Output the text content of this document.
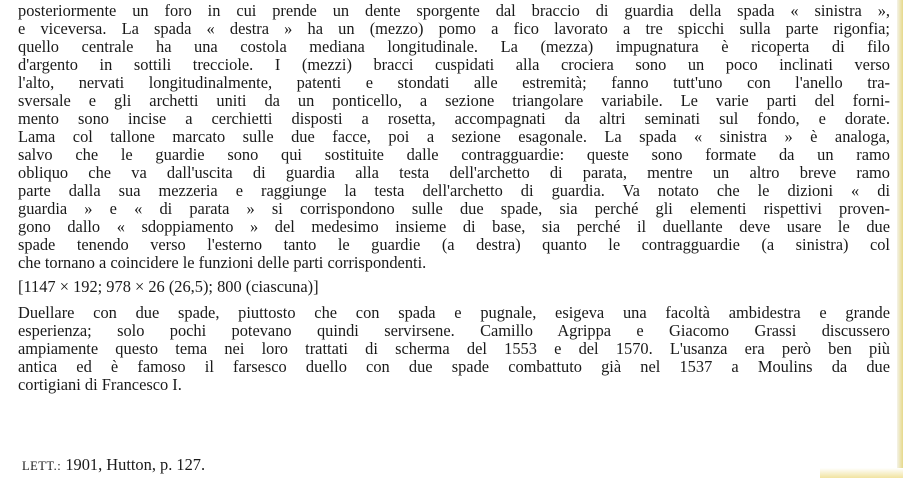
posteriormente un foro in cui prende un dente sporgente dal braccio di guardia della spada « sinistra »,
e viceversa. La spada « destra » ha un (mezzo) pomo a fico lavorato a tre spicchi sulla parte rigonfia;
quello centrale ha una costola mediana longitudinale. La (mezza) impugnatura è ricoperta di filo
d'argento in sottili trecciole. I (mezzi) bracci cuspidati alla crociera sono un poco inclinati verso
l'alto, nervati longitudinalmente, patenti e stondati alle estremità; fanno tutt'uno con l'anello tra-
sversale e gli archetti uniti da un ponticello, a sezione triangolare variabile. Le varie parti del forni-
mento sono incise a cerchietti disposti a rosetta, accompagnati da altri seminati sul fondo, e dorate.
Lama col tallone marcato sulle due facce, poi a sezione esagonale. La spada « sinistra » è analoga,
salvo che le guardie sono qui sostituite dalle contragguardie: queste sono formate da un ramo
obliquo che va dall'uscita di guardia alla testa dell'archetto di parata, mentre un altro breve ramo
parte dalla sua mezzeria e raggiunge la testa dell'archetto di guardia. Va notato che le dizioni « di
guardia » e « di parata » si corrispondono sulle due spade, sia perché gli elementi rispettivi proven-
gono dallo « sdoppiamento » del medesimo insieme di base, sia perché il duellante deve usare le due
spade tenendo verso l'esterno tanto le guardie (a destra) quanto le contragguardie (a sinistra) col
che tornano a coincidere le funzioni delle parti corrispondenti.
[1147 × 192; 978 × 26 (26,5); 800 (ciascuna)]
Duellare con due spade, piuttosto che con spada e pugnale, esigeva una facoltà ambidestra e grande
esperienza; solo pochi potevano quindi servirsene. Camillo Agrippa e Giacomo Grassi discussero
ampiamente questo tema nei loro trattati di scherma del 1553 e del 1570. L'usanza era però ben più
antica ed è famoso il farsesco duello con due spade combattuto già nel 1537 a Moulins da due
cortigiani di Francesco I.
LETT.: 1901, Hutton, p. 127.
